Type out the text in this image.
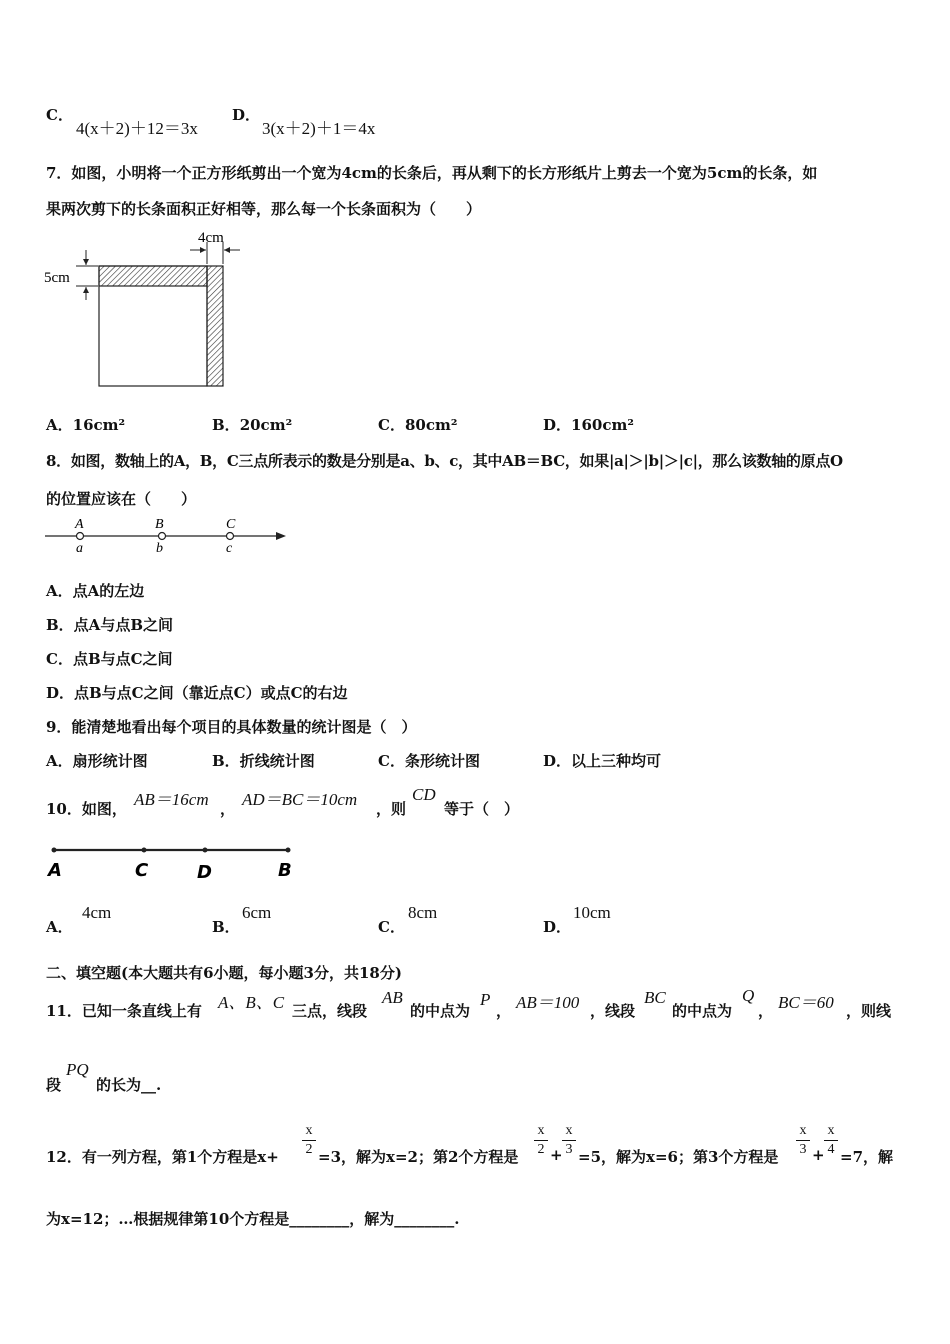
C．
4(x＋2)＋12＝3x
D．
3(x＋2)＋1＝4x
7．如图，小明将一个正方形纸剪出一个宽为4cm的长条后，再从剩下的长方形纸片上剪去一个宽为5cm的长条，如
果两次剪下的长条面积正好相等，那么每一个长条面积为（　　）
4cm
5cm
A．16cm²	B．20cm²	C．80cm²	D．160cm²
8．如图，数轴上的A，B，C三点所表示的数是分别是a、b、c，其中AB＝BC，如果|a|＞|b|＞|c|，那么该数轴的原点O
的位置应该在（　　）
A
a
B
b
C
c
A．点A的左边
B．点A与点B之间
C．点B与点C之间
D．点B与点C之间（靠近点C）或点C的右边
9．能清楚地看出每个项目的具体数量的统计图是（　）
A．扇形统计图	B．折线统计图	C．条形统计图	D．以上三种均可
10．如图， AB＝16cm ， AD＝BC＝10cm ，则
CD
等于（　）
A	C	D	B
A．
4cm
B．
6cm
C．
8cm
D．
10cm
二、填空题(本大题共有6小题，每小题3分，共18分)
11．已知一条直线上有 A、B、C 三点，线段
AB
的中点为
P
， AB＝100 ，线段
BC
的中点为
Q
， BC＝60 ，则线
段
PQ
的长为__.
12．有一列方程，第1个方程是x+
x
2 =3，解为x=2；第2个方程是
x
2 +
x
3 =5，解为x=6；第3个方程是
x
3 +
x
4 =7，解
为x=12；…根据规律第10个方程是________，解为________.
